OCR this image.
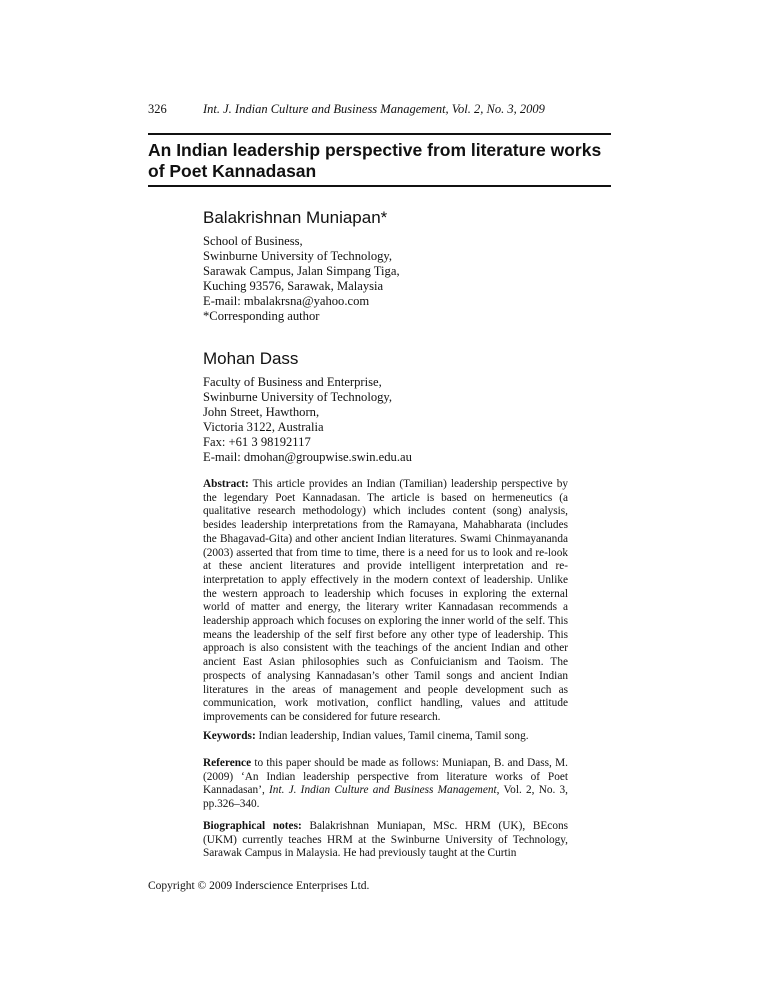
326	Int. J. Indian Culture and Business Management, Vol. 2, No. 3, 2009
An Indian leadership perspective from literature works of Poet Kannadasan

Balakrishnan Muniapan*

School of Business,
Swinburne University of Technology,
Sarawak Campus, Jalan Simpang Tiga,
Kuching 93576, Sarawak, Malaysia
E-mail: mbalakrsna@yahoo.com
*Corresponding author

Mohan Dass

Faculty of Business and Enterprise,
Swinburne University of Technology,
John Street, Hawthorn,
Victoria 3122, Australia
Fax: +61 3 98192117
E-mail: dmohan@groupwise.swin.edu.au

Abstract: This article provides an Indian (Tamilian) leadership perspective by the legendary Poet Kannadasan. The article is based on hermeneutics (a qualitative research methodology) which includes content (song) analysis, besides leadership interpretations from the Ramayana, Mahabharata (includes the Bhagavad-Gita) and other ancient Indian literatures. Swami Chinmayananda (2003) asserted that from time to time, there is a need for us to look and re-look at these ancient literatures and provide intelligent interpretation and re-interpretation to apply effectively in the modern context of leadership. Unlike the western approach to leadership which focuses in exploring the external world of matter and energy, the literary writer Kannadasan recommends a leadership approach which focuses on exploring the inner world of the self. This means the leadership of the self first before any other type of leadership. This approach is also consistent with the teachings of the ancient Indian and other ancient East Asian philosophies such as Confuicianism and Taoism. The prospects of analysing Kannadasan’s other Tamil songs and ancient Indian literatures in the areas of management and people development such as communication, work motivation, conflict handling, values and attitude improvements can be considered for future research.

Keywords: Indian leadership, Indian values, Tamil cinema, Tamil song.

Reference to this paper should be made as follows: Muniapan, B. and Dass, M. (2009) ‘An Indian leadership perspective from literature works of Poet Kannadasan’, Int. J. Indian Culture and Business Management, Vol. 2, No. 3, pp.326–340.

Biographical notes: Balakrishnan Muniapan, MSc. HRM (UK), BEcons (UKM) currently teaches HRM at the Swinburne University of Technology, Sarawak Campus in Malaysia. He had previously taught at the Curtin

Copyright © 2009 Inderscience Enterprises Ltd.
